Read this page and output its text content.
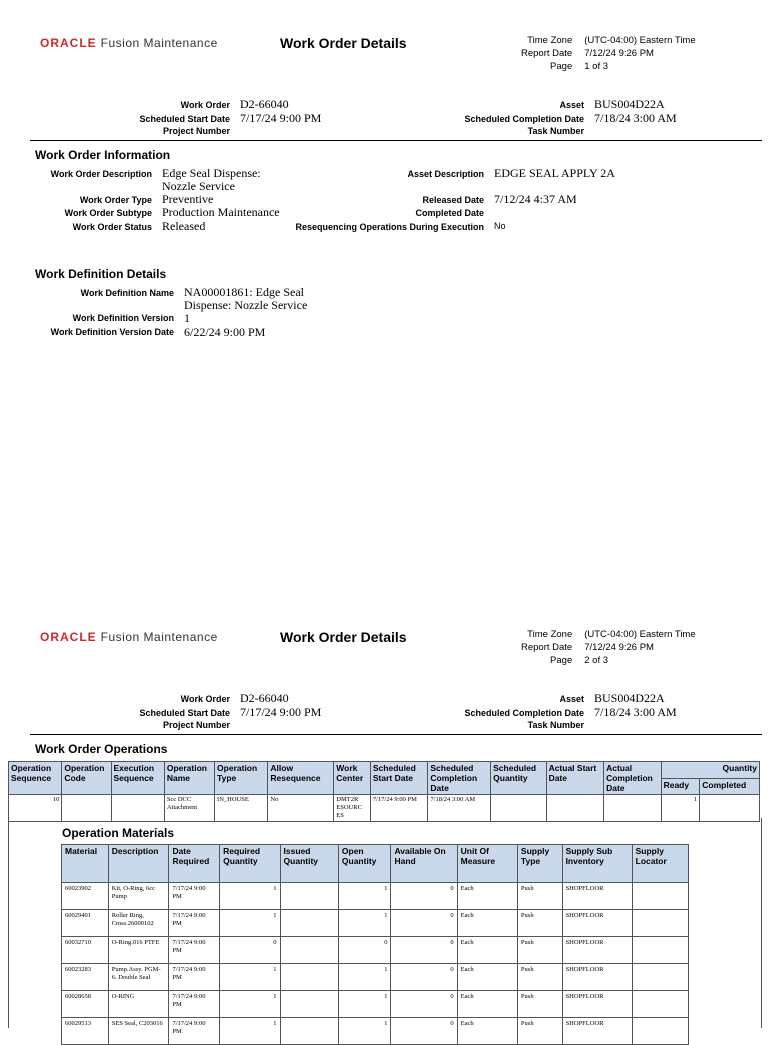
ORACLE Fusion Maintenance	Work Order Details	Time Zone		(UTC-04:00) Eastern Time
Report Date		7/12/24 9:26 PM
Page		1 of 3
Work Order D2-66040
Scheduled Start Date 7/17/24 9:00 PM
Project Number
Asset BUS004D22A
Scheduled Completion Date 7/18/24 3:00 AM
Task Number
Work Order Information
Work Order Description Edge Seal Dispense: Nozzle Service
Work Order Type Preventive
Work Order Subtype Production Maintenance
Work Order Status Released
Asset Description EDGE SEAL APPLY 2A
Released Date 7/12/24 4:37 AM
Completed Date
Resequencing Operations During Execution No
Work Definition Details
Work Definition Name NA00001861: Edge Seal Dispense: Nozzle Service
Work Definition Version 1
Work Definition Version Date 6/22/24 9:00 PM
ORACLE Fusion Maintenance	Work Order Details	Time Zone		(UTC-04:00) Eastern Time
Report Date		7/12/24 9:26 PM
Page		2 of 3
Work Order D2-66040
Scheduled Start Date 7/17/24 9:00 PM
Project Number
Asset BUS004D22A
Scheduled Completion Date 7/18/24 3:00 AM
Task Number
Work Order Operations
Operation Sequence	Operation Code	Execution Sequence	Operation Name	Operation Type	Allow Resequence	Work Center	Scheduled Start Date	Scheduled Completion Date	Scheduled Quantity	Actual Start Date	Actual Completion Date	Quantity	
												Ready	Completed
10			Scc DCC Attachment	IN_HOUSE	No	DMT2R ESOURC ES	7/17/24 9:00 PM	7/18/24 3:00 AM				1	
Operation Materials
Material	Description	Date Required	Required Quantity	Issued Quantity	Open Quantity	Available On Hand	Unit Of Measure	Supply Type	Supply Sub Inventory	Supply Locator
60023902	Kit, O-Ring, 6cc Pump	7/17/24 9:00 PM	1		1	0	Each	Push	SHOPFLOOR	
60029401	Roller Ring, Cmss.26000102	7/17/24 9:00 PM	1		1	0	Each	Push	SHOPFLOOR	
60032710	O-Ring.016 PTFE	7/17/24 9:00 PM	0		0	0	Each	Push	SHOPFLOOR	
60023283	Pump.Assy. PGM-6. Double Seal	7/17/24 9:00 PM	1		1	0	Each	Push	SHOPFLOOR	
60028658	O-RING	7/17/24 9:00 PM	1		1	0	Each	Push	SHOPFLOOR	
60029513	SES Seal, C203016	7/17/24 9:00 PM	1		1	0	Each	Push	SHOPFLOOR	
